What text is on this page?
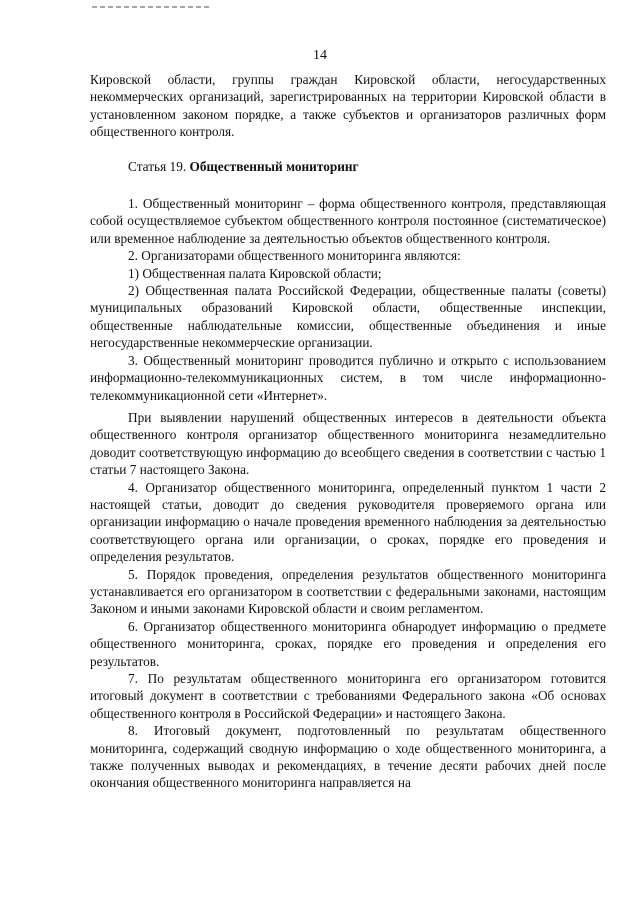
14

Кировской области, группы граждан Кировской области, негосударственных некоммерческих организаций, зарегистрированных на территории Кировской области в установленном законом порядке, а также субъектов и организаторов различных форм общественного контроля.

Статья 19. Общественный мониторинг

1. Общественный мониторинг – форма общественного контроля, представляющая собой осуществляемое субъектом общественного контроля постоянное (систематическое) или временное наблюдение за деятельностью объектов общественного контроля.

2. Организаторами общественного мониторинга являются:

1) Общественная палата Кировской области;

2) Общественная палата Российской Федерации, общественные палаты (советы) муниципальных образований Кировской области, общественные инспекции, общественные наблюдательные комиссии, общественные объединения и иные негосударственные некоммерческие организации.

3. Общественный мониторинг проводится публично и открыто с использованием информационно-телекоммуникационных систем, в том числе информационно-телекоммуникационной сети «Интернет».

При выявлении нарушений общественных интересов в деятельности объекта общественного контроля организатор общественного мониторинга незамедлительно доводит соответствующую информацию до всеобщего сведения в соответствии с частью 1 статьи 7 настоящего Закона.

4. Организатор общественного мониторинга, определенный пунктом 1 части 2 настоящей статьи, доводит до сведения руководителя проверяемого органа или организации информацию о начале проведения временного наблюдения за деятельностью соответствующего органа или организации, о сроках, порядке его проведения и определения результатов.

5. Порядок проведения, определения результатов общественного мониторинга устанавливается его организатором в соответствии с федеральными законами, настоящим Законом и иными законами Кировской области и своим регламентом.

6. Организатор общественного мониторинга обнародует информацию о предмете общественного мониторинга, сроках, порядке его проведения и определения его результатов.

7. По результатам общественного мониторинга его организатором готовится итоговый документ в соответствии с требованиями Федерального закона «Об основах общественного контроля в Российской Федерации» и настоящего Закона.

8. Итоговый документ, подготовленный по результатам общественного мониторинга, содержащий сводную информацию о ходе общественного мониторинга, а также полученных выводах и рекомендациях, в течение десяти рабочих дней после окончания общественного мониторинга направляется на
